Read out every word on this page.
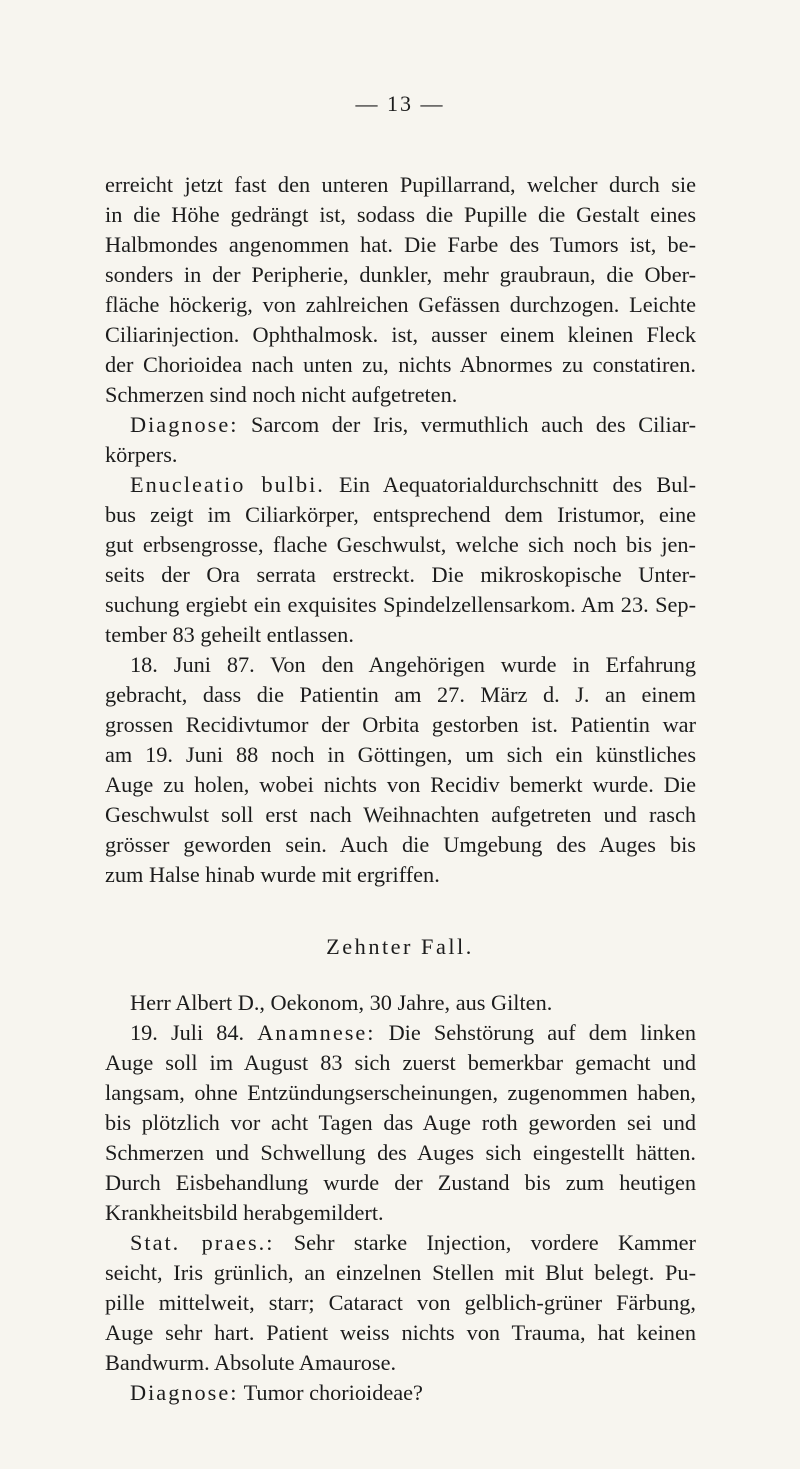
— 13 —
erreicht jetzt fast den unteren Pupillarrand, welcher durch sie
in die Höhe gedrängt ist, sodass die Pupille die Gestalt eines
Halbmondes angenommen hat. Die Farbe des Tumors ist, be-
sonders in der Peripherie, dunkler, mehr graubraun, die Ober-
fläche höckerig, von zahlreichen Gefässen durchzogen. Leichte
Ciliarinjection. Ophthalmosk. ist, ausser einem kleinen Fleck
der Chorioidea nach unten zu, nichts Abnormes zu constatiren.
Schmerzen sind noch nicht aufgetreten.
Diagnose: Sarcom der Iris, vermuthlich auch des Ciliar-
körpers.
Enucleatio bulbi. Ein Aequatorialdurchschnitt des Bul-
bus zeigt im Ciliarkörper, entsprechend dem Iristumor, eine
gut erbsengrosse, flache Geschwulst, welche sich noch bis jen-
seits der Ora serrata erstreckt. Die mikroskopische Unter-
suchung ergiebt ein exquisites Spindelzellensarkom. Am 23. Sep-
tember 83 geheilt entlassen.
18. Juni 87. Von den Angehörigen wurde in Erfahrung
gebracht, dass die Patientin am 27. März d. J. an einem
grossen Recidivtumor der Orbita gestorben ist. Patientin war
am 19. Juni 88 noch in Göttingen, um sich ein künstliches
Auge zu holen, wobei nichts von Recidiv bemerkt wurde. Die
Geschwulst soll erst nach Weihnachten aufgetreten und rasch
grösser geworden sein. Auch die Umgebung des Auges bis
zum Halse hinab wurde mit ergriffen.
Zehnter Fall.
Herr Albert D., Oekonom, 30 Jahre, aus Gilten.
19. Juli 84. Anamnese: Die Sehstörung auf dem linken
Auge soll im August 83 sich zuerst bemerkbar gemacht und
langsam, ohne Entzündungserscheinungen, zugenommen haben,
bis plötzlich vor acht Tagen das Auge roth geworden sei und
Schmerzen und Schwellung des Auges sich eingestellt hätten.
Durch Eisbehandlung wurde der Zustand bis zum heutigen
Krankheitsbild herabgemildert.
Stat. praes.: Sehr starke Injection, vordere Kammer
seicht, Iris grünlich, an einzelnen Stellen mit Blut belegt. Pu-
pille mittelweit, starr; Cataract von gelblich-grüner Färbung,
Auge sehr hart. Patient weiss nichts von Trauma, hat keinen
Bandwurm. Absolute Amaurose.
Diagnose: Tumor chorioideae?
